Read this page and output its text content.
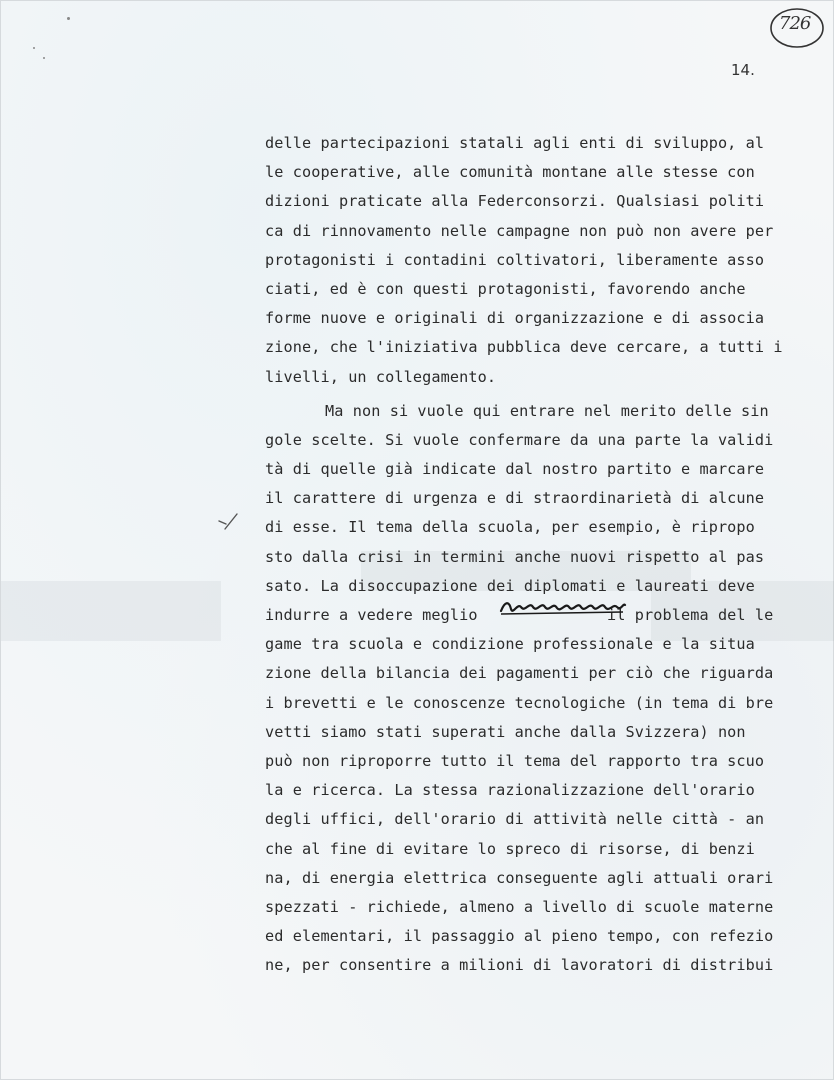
726
14.
delle partecipazioni statali agli enti di sviluppo, al
le cooperative, alle comunità montane alle stesse con
dizioni praticate alla Federconsorzi. Qualsiasi politi
ca di rinnovamento nelle campagne non può non avere per
protagonisti i contadini coltivatori, liberamente asso
ciati, ed è con questi protagonisti, favorendo anche
forme nuove e originali di organizzazione e di associa
zione, che l'iniziativa pubblica deve cercare, a tutti i
livelli, un collegamento.
Ma non si vuole qui entrare nel merito delle sin
gole scelte. Si vuole confermare da una parte la validi
tà di quelle già indicate dal nostro partito e marcare
il carattere di urgenza e di straordinarietà di alcune
di esse. Il tema della scuola, per esempio, è ripropo
sto dalla crisi in termini anche nuovi rispetto al pas
sato. La disoccupazione dei diplomati e laureati deve
indurre a vedere meglio              il problema del le
game tra scuola e condizione professionale e la situa
zione della bilancia dei pagamenti per ciò che riguarda
i brevetti e le conoscenze tecnologiche (in tema di bre
vetti siamo stati superati anche dalla Svizzera) non
può non riproporre tutto il tema del rapporto tra scuo
la e ricerca. La stessa razionalizzazione dell'orario
degli uffici, dell'orario di attività nelle città - an
che al fine di evitare lo spreco di risorse, di benzi
na, di energia elettrica conseguente agli attuali orari
spezzati - richiede, almeno a livello di scuole materne
ed elementari, il passaggio al pieno tempo, con refezio
ne, per consentire a milioni di lavoratori di distribui
